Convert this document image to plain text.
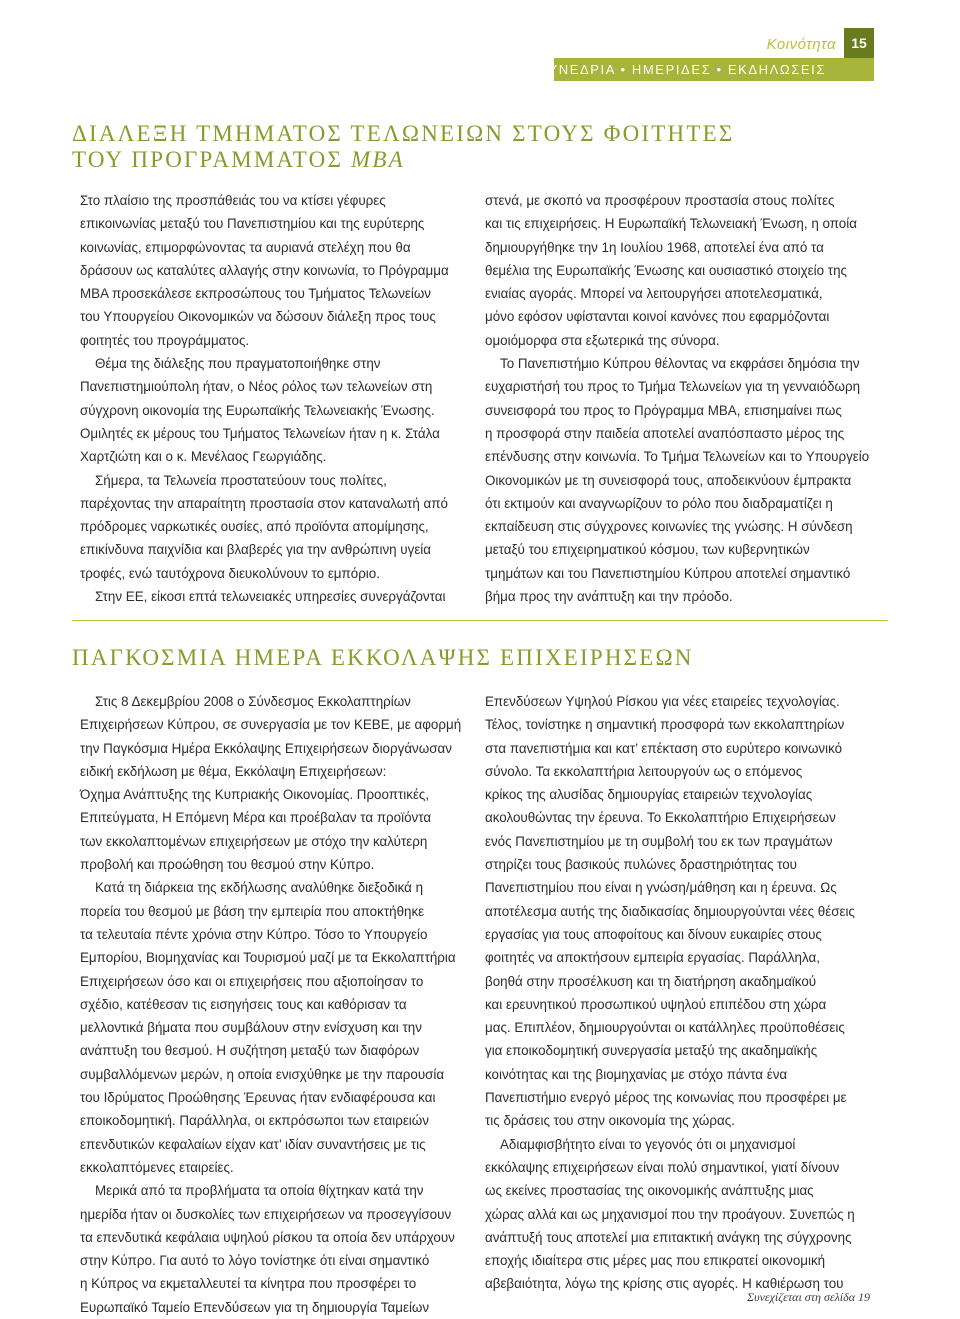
Κοινότητα
ΣΥΝΕΔΡΙΑ • ΗΜΕΡΙΔΕΣ • ΕΚΔΗΛΩΣΕΙΣ
15
ΔΙΑΛΕΞΗ ΤΜΗΜΑΤΟΣ ΤΕΛΩΝΕΙΩΝ ΣΤΟΥΣ ΦΟΙΤΗΤΕΣ
ΤΟΥ ΠΡΟΓΡΑΜΜΑΤΟΣ MBA

Στο πλαίσιο της προσπάθειάς του να κτίσει γέφυρες

επικοινωνίας μεταξύ του Πανεπιστημίου και της ευρύτερης

κοινωνίας, επιμορφώνοντας τα αυριανά στελέχη που θα

δράσουν ως καταλύτες αλλαγής στην κοινωνία, το Πρόγραμμα

MBA προσεκάλεσε εκπροσώπους του Τμήματος Τελωνείων

του Υπουργείου Οικονομικών να δώσουν διάλεξη προς τους

φοιτητές του προγράμματος.

Θέμα της διάλεξης που πραγματοποιήθηκε στην

Πανεπιστημιούπολη ήταν, ο Νέος ρόλος των τελωνείων στη

σύγχρονη οικονομία της Ευρωπαϊκής Τελωνειακής Ένωσης.

Ομιλητές εκ μέρους του Τμήματος Τελωνείων ήταν η κ. Στάλα

Χαρτζιώτη και ο κ. Μενέλαος Γεωργιάδης.

Σήμερα, τα Τελωνεία προστατεύουν τους πολίτες,

παρέχοντας την απαραίτητη προστασία στον καταναλωτή από

πρόδρομες ναρκωτικές ουσίες, από προϊόντα απομίμησης,

επικίνδυνα παιχνίδια και βλαβερές για την ανθρώπινη υγεία

τροφές, ενώ ταυτόχρονα διευκολύνουν το εμπόριο.

Στην ΕΕ, είκοσι επτά τελωνειακές υπηρεσίες συνεργάζονται

στενά, με σκοπό να προσφέρουν προστασία στους πολίτες

και τις επιχειρήσεις. Η Ευρωπαϊκή Τελωνειακή Ένωση, η οποία

δημιουργήθηκε την 1η Ιουλίου 1968, αποτελεί ένα από τα

θεμέλια της Ευρωπαϊκής Ένωσης και ουσιαστικό στοιχείο της

ενιαίας αγοράς. Μπορεί να λειτουργήσει αποτελεσματικά,

μόνο εφόσον υφίστανται κοινοί κανόνες που εφαρμόζονται

ομοιόμορφα στα εξωτερικά της σύνορα.

Το Πανεπιστήμιο Κύπρου θέλοντας να εκφράσει δημόσια την

ευχαριστήσή του προς το Τμήμα Τελωνείων για τη γενναιόδωρη

συνεισφορά του προς το Πρόγραμμα MBA, επισημαίνει πως

η προσφορά στην παιδεία αποτελεί αναπόσπαστο μέρος της

επένδυσης στην κοινωνία. Το Τμήμα Τελωνείων και το Υπουργείο

Οικονομικών με τη συνεισφορά τους, αποδεικνύουν έμπρακτα

ότι εκτιμούν και αναγνωρίζουν το ρόλο που διαδραματίζει η

εκπαίδευση στις σύγχρονες κοινωνίες της γνώσης. Η σύνδεση

μεταξύ του επιχειρηματικού κόσμου, των κυβερνητικών

τμημάτων και του Πανεπιστημίου Κύπρου αποτελεί σημαντικό

βήμα προς την ανάπτυξη και την πρόοδο.

ΠΑΓΚΟΣΜΙΑ ΗΜΕΡΑ ΕΚΚΟΛΑΨΗΣ ΕΠΙΧΕΙΡΗΣΕΩΝ

Στις 8 Δεκεμβρίου 2008 ο Σύνδεσμος Εκκολαπτηρίων

Επιχειρήσεων Κύπρου, σε συνεργασία με τον ΚΕΒΕ, με αφορμή

την Παγκόσμια Ημέρα Εκκόλαψης Επιχειρήσεων διοργάνωσαν

ειδική εκδήλωση με θέμα, Εκκόλαψη Επιχειρήσεων:

Όχημα Ανάπτυξης της Κυπριακής Οικονομίας. Προοπτικές,

Επιτεύγματα, Η Επόμενη Μέρα και προέβαλαν τα προϊόντα

των εκκολαπτομένων επιχειρήσεων με στόχο την καλύτερη

προβολή και προώθηση του θεσμού στην Κύπρο.

Κατά τη διάρκεια της εκδήλωσης αναλύθηκε διεξοδικά η

πορεία του θεσμού με βάση την εμπειρία που αποκτήθηκε

τα τελευταία πέντε χρόνια στην Κύπρο. Τόσο το Υπουργείο

Εμπορίου, Βιομηχανίας και Τουρισμού μαζί με τα Εκκολαπτήρια

Επιχειρήσεων όσο και οι επιχειρήσεις που αξιοποίησαν το

σχέδιο, κατέθεσαν τις εισηγήσεις τους και καθόρισαν τα

μελλοντικά βήματα που συμβάλουν στην ενίσχυση και την

ανάπτυξη του θεσμού. Η συζήτηση μεταξύ των διαφόρων

συμβαλλόμενων μερών, η οποία ενισχύθηκε με την παρουσία

του Ιδρύματος Προώθησης Έρευνας ήταν ενδιαφέρουσα και

εποικοδομητική. Παράλληλα, οι εκπρόσωποι των εταιρειών

επενδυτικών κεφαλαίων είχαν κατ’ ιδίαν συναντήσεις με τις

εκκολαπτόμενες εταιρείες.

Μερικά από τα προβλήματα τα οποία θίχτηκαν κατά την

ημερίδα ήταν οι δυσκολίες των επιχειρήσεων να προσεγγίσουν

τα επενδυτικά κεφάλαια υψηλού ρίσκου τα οποία δεν υπάρχουν

στην Κύπρο. Για αυτό το λόγο τονίστηκε ότι είναι σημαντικό

η Κύπρος να εκμεταλλευτεί τα κίνητρα που προσφέρει το

Ευρωπαϊκό Ταμείο Επενδύσεων για τη δημιουργία Ταμείων

Επενδύσεων Υψηλού Ρίσκου για νέες εταιρείες τεχνολογίας.

Τέλος, τονίστηκε η σημαντική προσφορά των εκκολαπτηρίων

στα πανεπιστήμια και κατ’ επέκταση στο ευρύτερο κοινωνικό

σύνολο. Τα εκκολαπτήρια λειτουργούν ως ο επόμενος

κρίκος της αλυσίδας δημιουργίας εταιρειών τεχνολογίας

ακολουθώντας την έρευνα. Το Εκκολαπτήριο Επιχειρήσεων

ενός Πανεπιστημίου με τη συμβολή του εκ των πραγμάτων

στηρίζει τους βασικούς πυλώνες δραστηριότητας του

Πανεπιστημίου που είναι η γνώση/μάθηση και η έρευνα. Ως

αποτέλεσμα αυτής της διαδικασίας δημιουργούνται νέες θέσεις

εργασίας για τους αποφοίτους και δίνουν ευκαιρίες στους

φοιτητές να αποκτήσουν εμπειρία εργασίας. Παράλληλα,

βοηθά στην προσέλκυση και τη διατήρηση ακαδημαϊκού

και ερευνητικού προσωπικού υψηλού επιπέδου στη χώρα

μας. Επιπλέον, δημιουργούνται οι κατάλληλες προϋποθέσεις

για εποικοδομητική συνεργασία μεταξύ της ακαδημαϊκής

κοινότητας και της βιομηχανίας με στόχο πάντα ένα

Πανεπιστήμιο ενεργό μέρος της κοινωνίας που προσφέρει με

τις δράσεις του στην οικονομία της χώρας.

Αδιαμφισβήτητο είναι το γεγονός ότι οι μηχανισμοί

εκκόλαψης επιχειρήσεων είναι πολύ σημαντικοί, γιατί δίνουν

ως εκείνες προστασίας της οικονομικής ανάπτυξης μιας

χώρας αλλά και ως μηχανισμοί που την προάγουν. Συνεπώς η

ανάπτυξή τους αποτελεί μια επιτακτική ανάγκη της σύγχρονης

εποχής ιδιαίτερα στις μέρες μας που επικρατεί οικονομική

αβεβαιότητα, λόγω της κρίσης στις αγορές. Η καθιέρωση του

Συνεχίζεται στη σελίδα 19
